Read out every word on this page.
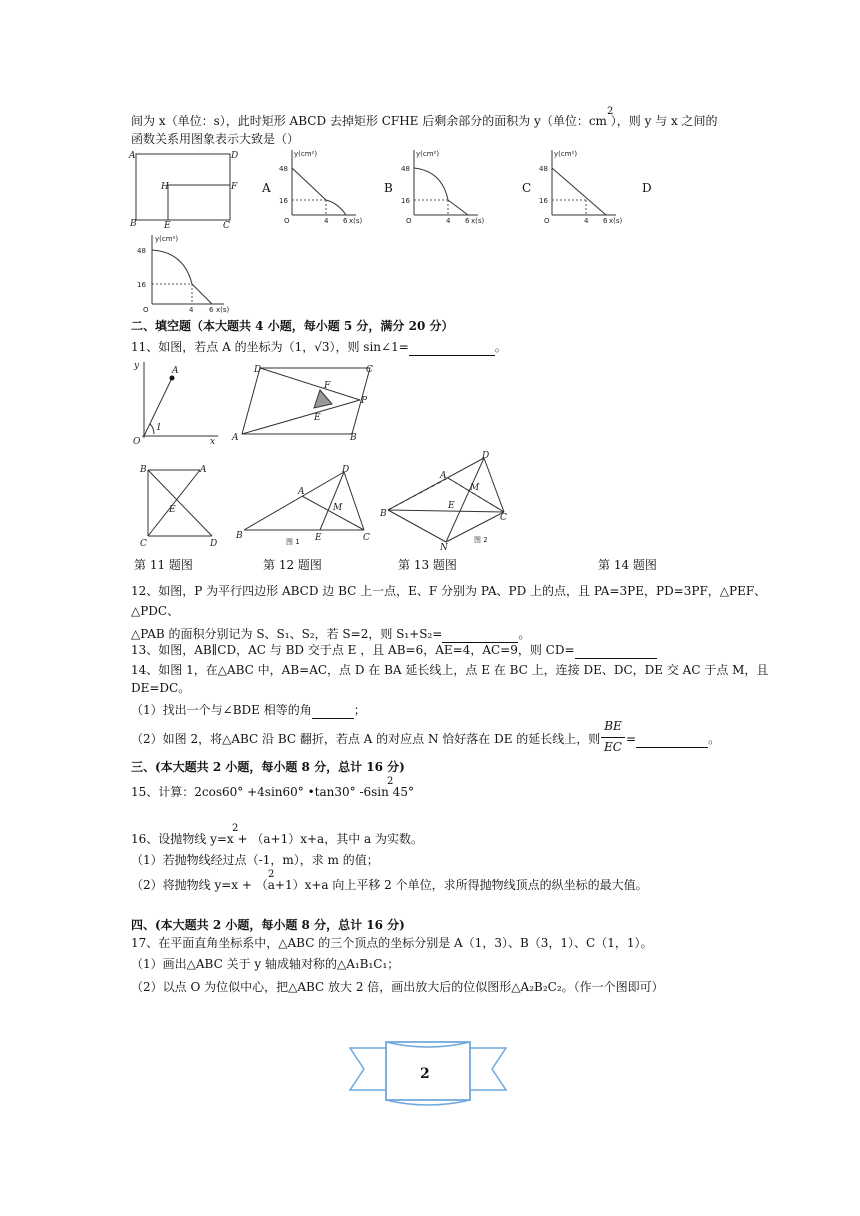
间为 x（单位：s），此时矩形 ABCD 去掉矩形 CFHE 后剩余部分的面积为 y（单位：cm ），则 y 与 x 之间的
2
函数关系用图象表示大致是（）
A	D
H	F
B	E	C
A
y(cm²)
48
16
O	4 6 x(s)
B
y(cm²)
48
16
O	4 6 x(s)
C
y(cm²)
48
16
O	4 6 x(s)
D
y(cm²)
48
16
O	4 6 x(s)
二、填空题（本大题共 4 小题，每小题 5 分，满分 20 分）
11、如图，若点 A 的坐标为（1，√3），则 sin∠1=	。
y	A
O
1
x
D	C
F
P
E
A	B
B	A
E
C	D
D
A
M
B	E	C
图 1
D
A
M
B
E
C
N
图 2
第 11 题图	第 12 题图	第 13 题图	第 14 题图
12、如图，P 为平行四边形 ABCD 边 BC 上一点，E、F 分别为 PA、PD 上的点，且 PA=3PE，PD=3PF，△PEF、
△PDC、
△PAB 的面积分别记为 S、S₁、S₂，若 S=2，则 S₁+S₂=	。
13、如图，AB∥CD，AC 与 BD 交于点 E ，且 AB=6，AE=4，AC=9，则 CD=
14、如图 1，在△ABC 中，AB=AC，点 D 在 BA 延长线上，点 E 在 BC 上，连接 DE、DC，DE 交 AC 于点 M，且
DE=DC。
（1）找出一个与∠BDE 相等的角	；
（2）如图 2，将△ABC 沿 BC 翻折，若点 A 的对应点 N 恰好落在 DE 的延长线上，则
BE
EC
=	。
三、(本大题共 2 小题，每小题 8 分，总计 16 分)
15、计算：2cos60° +4sin60° •tan30° -6sin 45°
2
16、设抛物线 y=x + （a+1）x+a，其中 a 为实数。
2
（1）若抛物线经过点（-1，m），求 m 的值；
（2）将抛物线 y=x + （a+1）x+a 向上平移 2 个单位，求所得抛物线顶点的纵坐标的最大值。
2
四、(本大题共 2 小题，每小题 8 分，总计 16 分)
17、在平面直角坐标系中，△ABC 的三个顶点的坐标分别是 A（1，3）、B（3，1）、C（1，1）。
（1）画出△ABC 关于 y 轴成轴对称的△A₁B₁C₁；
（2）以点 O 为位似中心，把△ABC 放大 2 倍，画出放大后的位似图形△A₂B₂C₂。（作一个图即可）
2
